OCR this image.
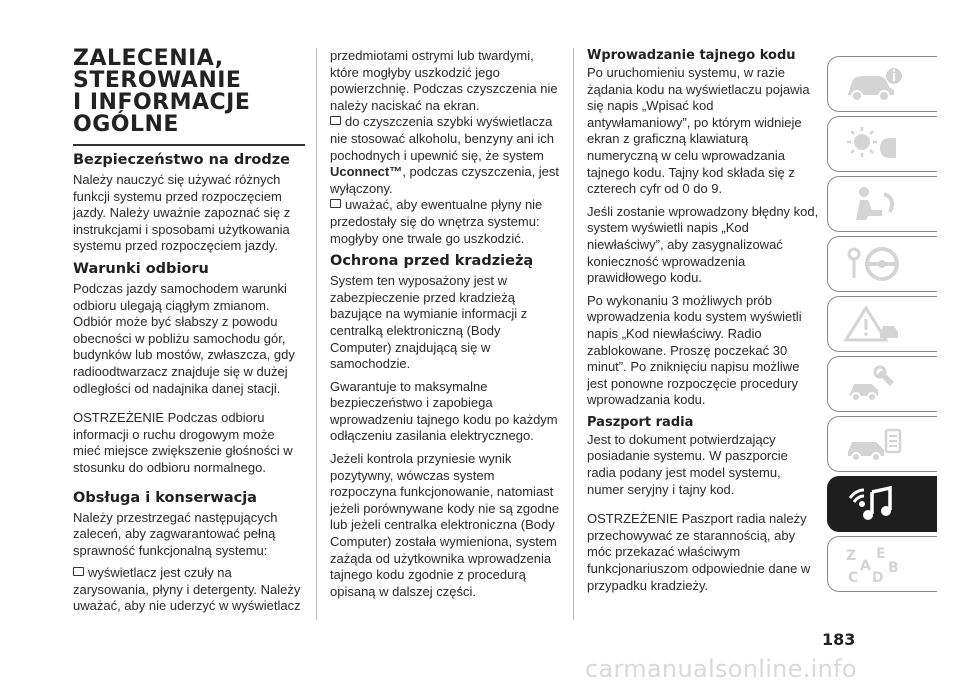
ZALECENIA,
STEROWANIE
I INFORMACJE
OGÓLNE
Bezpieczeństwo na drodze

Należy nauczyć się używać różnych funkcji systemu przed rozpoczęciem jazdy. Należy uważnie zapoznać się z instrukcjami i sposobami użytkowania systemu przed rozpoczęciem jazdy.

Warunki odbioru

Podczas jazdy samochodem warunki odbioru ulegają ciągłym zmianom. Odbiór może być słabszy z powodu obecności w pobliżu samochodu gór, budynków lub mostów, zwłaszcza, gdy radioodtwarzacz znajduje się w dużej odległości od nadajnika danej stacji.

OSTRZEŻENIE Podczas odbioru informacji o ruchu drogowym może mieć miejsce zwiększenie głośności w stosunku do odbioru normalnego.

Obsługa i konserwacja

Należy przestrzegać następujących zaleceń, aby zagwarantować pełną sprawność funkcjonalną systemu:

wyświetlacz jest czuły na zarysowania, płyny i detergenty. Należy uważać, aby nie uderzyć w wyświetlacz

przedmiotami ostrymi lub twardymi, które mogłyby uszkodzić jego powierzchnię. Podczas czyszczenia nie należy naciskać na ekran.

do czyszczenia szybki wyświetlacza nie stosować alkoholu, benzyny ani ich pochodnych i upewnić się, że system Uconnect™, podczas czyszczenia, jest wyłączony.

uważać, aby ewentualne płyny nie przedostały się do wnętrza systemu: mogłyby one trwale go uszkodzić.

Ochrona przed kradzieżą

System ten wyposażony jest w zabezpieczenie przed kradzieżą bazujące na wymianie informacji z centralką elektroniczną (Body Computer) znajdującą się w samochodzie.

Gwarantuje to maksymalne bezpieczeństwo i zapobiega wprowadzeniu tajnego kodu po każdym odłączeniu zasilania elektrycznego.

Jeżeli kontrola przyniesie wynik pozytywny, wówczas system rozpoczyna funkcjonowanie, natomiast jeżeli porównywane kody nie są zgodne lub jeżeli centralka elektroniczna (Body Computer) została wymieniona, system zażąda od użytkownika wprowadzenia tajnego kodu zgodnie z procedurą opisaną w dalszej części.

Wprowadzanie tajnego kodu

Po uruchomieniu systemu, w razie żądania kodu na wyświetlaczu pojawia się napis „Wpisać kod antywłamaniowy”, po którym widnieje ekran z graficzną klawiaturą numeryczną w celu wprowadzania tajnego kodu. Tajny kod składa się z czterech cyfr od 0 do 9.

Jeśli zostanie wprowadzony błędny kod, system wyświetli napis „Kod niewłaściwy”, aby zasygnalizować konieczność wprowadzenia prawidłowego kodu.

Po wykonaniu 3 możliwych prób wprowadzenia kodu system wyświetli napis „Kod niewłaściwy. Radio zablokowane. Proszę poczekać 30 minut”. Po zniknięciu napisu możliwe jest ponowne rozpoczęcie procedury wprowadzania kodu.

Paszport radia

Jest to dokument potwierdzający posiadanie systemu. W paszporcie radia podany jest model systemu, numer seryjny i tajny kod.

OSTRZEŻENIE Paszport radia należy przechowywać ze starannością, aby móc przekazać właściwym funkcjonariuszom odpowiednie dane w przypadku kradzieży.

Z E
A B
C D
183
carmanualsonline.info
